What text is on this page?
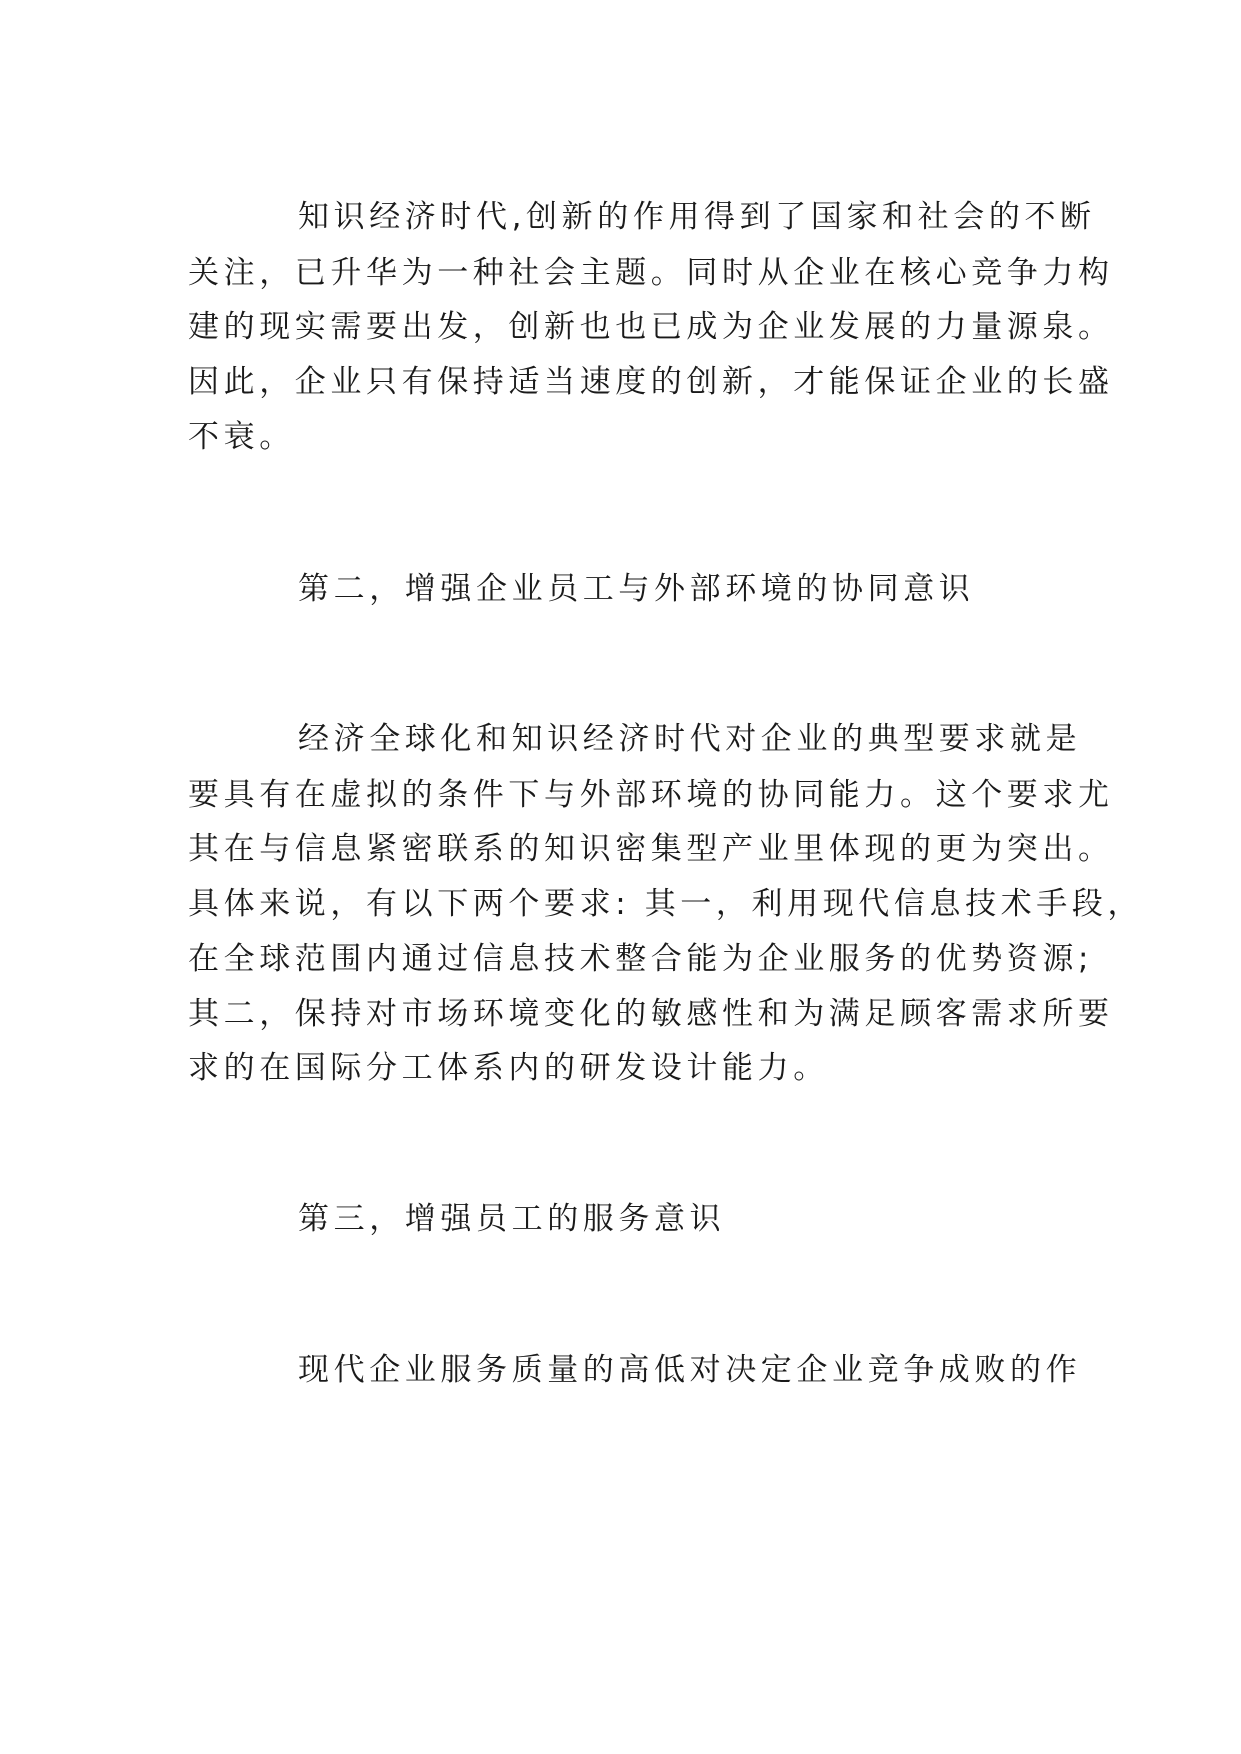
知识经济时代,创新的作用得到了国家和社会的不断
关注，已升华为一种社会主题。同时从企业在核心竞争力构
建的现实需要出发，创新也也已成为企业发展的力量源泉。
因此，企业只有保持适当速度的创新，才能保证企业的长盛
不衰。
第二，增强企业员工与外部环境的协同意识
经济全球化和知识经济时代对企业的典型要求就是
要具有在虚拟的条件下与外部环境的协同能力。这个要求尤
其在与信息紧密联系的知识密集型产业里体现的更为突出。
具体来说，有以下两个要求: 其一，利用现代信息技术手段，
在全球范围内通过信息技术整合能为企业服务的优势资源;
其二，保持对市场环境变化的敏感性和为满足顾客需求所要
求的在国际分工体系内的研发设计能力。
第三，增强员工的服务意识
现代企业服务质量的高低对决定企业竞争成败的作
